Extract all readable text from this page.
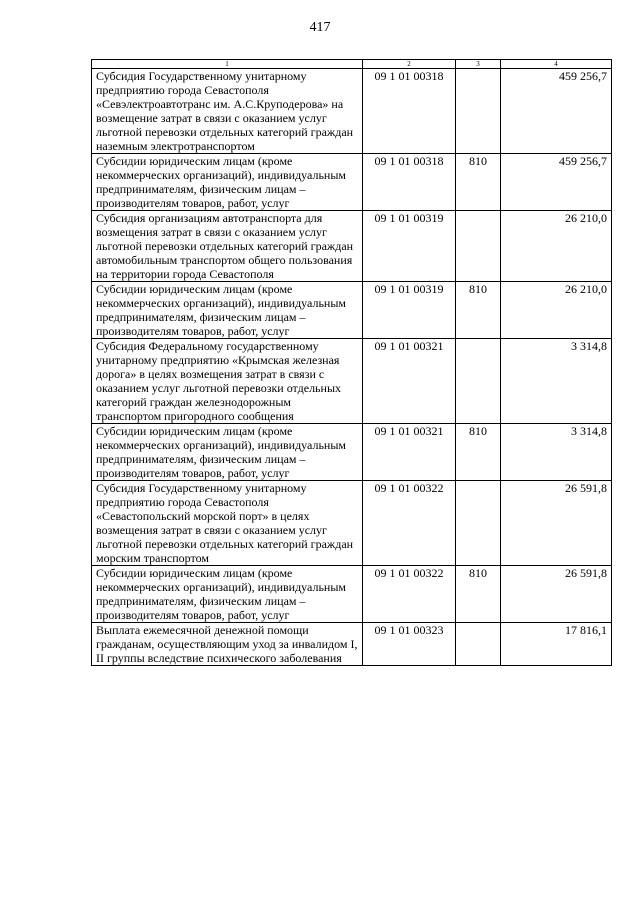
417
1	2	3	4
Субсидия Государственному унитарному предприятию города Севастополя «Севэлектроавтотранс им. А.С.Круподерова» на возмещение затрат в связи с оказанием услуг льготной перевозки отдельных категорий граждан наземным электротранспортом	09 1 01 00318		459 256,7
Субсидии юридическим лицам (кроме некоммерческих организаций), индивидуальным предпринимателям, физическим лицам – производителям товаров, работ, услуг	09 1 01 00318	810	459 256,7
Субсидия организациям автотранспорта для возмещения затрат в связи с оказанием услуг льготной перевозки отдельных категорий граждан автомобильным транспортом общего пользования на территории города Севастополя	09 1 01 00319		26 210,0
Субсидии юридическим лицам (кроме некоммерческих организаций), индивидуальным предпринимателям, физическим лицам – производителям товаров, работ, услуг	09 1 01 00319	810	26 210,0
Субсидия Федеральному государственному унитарному предприятию «Крымская железная дорога» в целях возмещения затрат в связи с оказанием услуг льготной перевозки отдельных категорий граждан железнодорожным транспортом пригородного сообщения	09 1 01 00321		3 314,8
Субсидии юридическим лицам (кроме некоммерческих организаций), индивидуальным предпринимателям, физическим лицам – производителям товаров, работ, услуг	09 1 01 00321	810	3 314,8
Субсидия Государственному унитарному предприятию города Севастополя «Севастопольский морской порт» в целях возмещения затрат в связи с оказанием услуг льготной перевозки отдельных категорий граждан морским транспортом	09 1 01 00322		26 591,8
Субсидии юридическим лицам (кроме некоммерческих организаций), индивидуальным предпринимателям, физическим лицам – производителям товаров, работ, услуг	09 1 01 00322	810	26 591,8
Выплата ежемесячной денежной помощи гражданам, осуществляющим уход за инвалидом I, II группы вследствие психического заболевания	09 1 01 00323		17 816,1
